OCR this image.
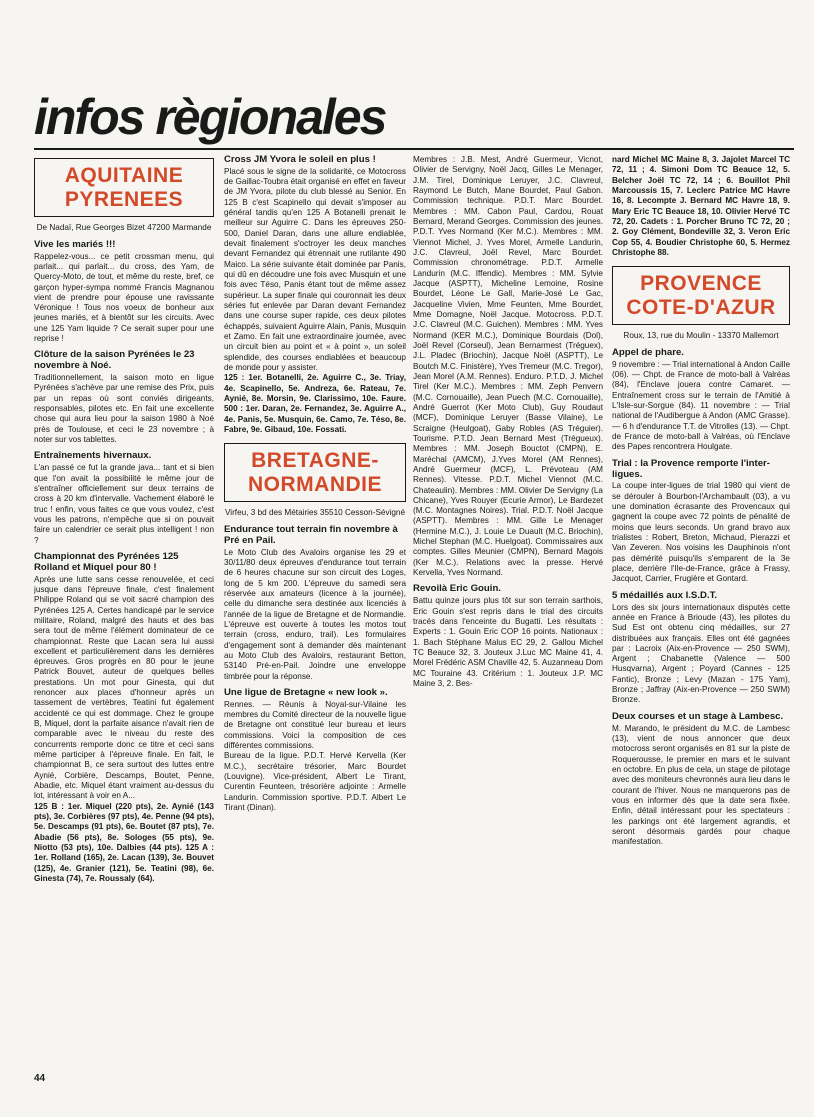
infos règionales
AQUITAINE PYRENEES
De Nadaï, Rue Georges Bizet 47200 Marmande
Vive les mariés !!!

Rappelez-vous... ce petit crossman menu, qui parlait... qui parlait... du cross, des Yam, de Quercy-Moto, de tout, et même du reste, bref, ce garçon hyper-sympa nommé Francis Magnanou vient de prendre pour épouse une ravissante Véronique ! Tous nos voeux de bonheur aux jeunes mariés, et à bientôt sur les circuits. Avec une 125 Yam liquide ? Ce serait super pour une reprise !

Clôture de la saison Pyrénées le 23 novembre à Noé.

Traditionnellement, la saison moto en ligue Pyrénées s'achève par une remise des Prix, puis par un repas où sont conviés dirigeants, responsables, pilotes etc. En fait une excellente chose qui aura lieu pour la saison 1980 à Noé près de Toulouse, et ceci le 23 novembre ; à noter sur vos tablettes.

Entraînements hivernaux.

L'an passé ce fut la grande java... tant et si bien que l'on avait la possibilité le même jour de s'entraîner officiellement sur deux terrains de cross à 20 km d'intervalle. Vachement élaboré le truc ! enfin, vous faites ce que vous voulez, c'est vous les patrons, n'empêche que si on pouvait faire un calendrier ce serait plus intelligent ! non ?

Championnat des Pyrénées 125 Rolland et Miquel pour 80 !

Après une lutte sans cesse renouvelée, et ceci jusque dans l'épreuve finale, c'est finalement Philippe Roland qui se voit sacré champion des Pyrénées 125 A. Certes handicapé par le service militaire, Roland, malgré des hauts et des bas sera tout de même l'élément dominateur de ce championnat. Reste que Lacan sera lui aussi excellent et particulièrement dans les dernières épreuves. Gros progrès en 80 pour le jeune Patrick Bouvet, auteur de quelques belles prestations. Un mot pour Ginesta, qui dut renoncer aux places d'honneur après un tassement de vertèbres, Teatini fut également accidenté ce qui est dommage. Chez le groupe B, Miquel, dont la parfaite aisance n'avait rien de comparable avec le niveau du reste des concurrents remporte donc ce titre et ceci sans même participer à l'épreuve finale. En fait, le championnat B, ce sera surtout des luttes entre Aynié, Corbière, Descamps, Boutet, Penne, Abadie, etc. Miquel étant vraiment au-dessus du lot, intéressant à voir en A...

125 B : 1er. Miquel (220 pts), 2e. Aynié (143 pts), 3e. Corbières (97 pts), 4e. Penne (94 pts), 5e. Descamps (91 pts), 6e. Boutet (87 pts), 7e. Abadie (56 pts), 8e. Sologes (55 pts), 9e. Niotto (53 pts), 10e. Dalbies (44 pts). 125 A : 1er. Rolland (165), 2e. Lacan (139), 3e. Bouvet (125), 4e. Granier (121), 5e. Teatini (98), 6e. Ginesta (74), 7e. Roussaly (64).

Cross JM Yvora le soleil en plus !

Placé sous le signe de la solidarité, ce Motocross de Gaillac-Toubra était organisé en effet en faveur de JM Yvora, pilote du club blessé au Senior. En 125 B c'est Scapinello qui devait s'imposer au général tandis qu'en 125 A Botanelli prenait le meilleur sur Aguirre C. Dans les épreuves 250-500, Daniel Daran, dans une allure endiablée, devait finalement s'octroyer les deux manches devant Fernandez qui étrennait une rutilante 490 Maico. La série suivante était dominée par Panis, qui dû en découdre une fois avec Musquin et une fois avec Téso, Panis étant tout de même assez supérieur. La super finale qui couronnait les deux séries fut enlevée par Daran devant Fernandez dans une course super rapide, ces deux pilotes échappés, suivaient Aguirre Alain, Panis, Musquin et Zamo. En fait une extraordinaire journée, avec un circuit bien au point et « à point », un soleil splendide, des courses endiablées et beaucoup de monde pour y assister.

125 : 1er. Botanelli, 2e. Aguirre C., 3e. Triay, 4e. Scapinello, 5e. Andreza, 6e. Rateau, 7e. Aynié, 8e. Morsin, 9e. Clarissimo, 10e. Faure. 500 : 1er. Daran, 2e. Fernandez, 3e. Aguirre A., 4e. Panis, 5e. Musquin, 6e. Camo, 7e. Téso, 8e. Fabre, 9e. Gibaud, 10e. Fossati.

BRETAGNE-NORMANDIE
Virfeu, 3 bd des Métairies 35510 Cesson-Sévigné
Endurance tout terrain fin novembre à Pré en Pail.

Le Moto Club des Avaloirs organise les 29 et 30/11/80 deux épreuves d'endurance tout terrain de 6 heures chacune sur son circuit des Loges, long de 5 km 200. L'épreuve du samedi sera réservée aux amateurs (licence à la journée), celle du dimanche sera destinée aux licenciés à l'année de la ligue de Bretagne et de Normandie. L'épreuve est ouverte à toutes les motos tout terrain (cross, enduro, trail). Les formulaires d'engagement sont à demander dès maintenant au Moto Club des Avaloirs, restaurant Betton, 53140 Pré-en-Pail. Joindre une enveloppe timbrée pour la réponse.

Une ligue de Bretagne « new look ».

Rennes. — Réunis à Noyal-sur-Vilaine les membres du Comité directeur de la nouvelle ligue de Bretagne ont constitué leur bureau et leurs commissions. Voici la composition de ces différentes commissions.

Bureau de la ligue. P.D.T. Hervé Kervella (Ker M.C.), secrétaire trésorier, Marc Bourdet (Louvigne). Vice-président, Albert Le Tirant, Curentin Feunteen, trésorière adjointe : Armelle Landurin. Commission sportive. P.D.T. Albert Le Tirant (Dinan).

Membres : J.B. Mest, André Guermeur, Vicnot, Olivier de Servigny, Noël Jacq, Gilles Le Menager, J.M. Tirel, Dominique Leruyer, J.C. Clavreul, Raymond Le Butch, Mane Bourdet, Paul Gabon. Commission technique. P.D.T. Marc Bourdet. Membres : MM. Cabon Paul, Cardou, Rouat Bernard, Merand Georges. Commission des jeunes. P.D.T. Yves Normand (Ker M.C.). Membres : MM. Viennot Michel, J. Yves Morel, Armelle Landurin, J.C. Clavreul, Joël Revel, Marc Bourdet. Commission chronométrage. P.D.T. Armelle Landurin (M.C. Iffendic). Membres : MM. Sylvie Jacque (ASPTT), Micheline Lemoine, Rosine Bourdet, Léone Le Gall, Marie-José Le Gac, Jacqueline Vivien, Mme Feunten, Mme Bourdet, Mme Domagne, Noël Jacque. Motocross. P.D.T. J.C. Clavreul (M.C. Guichen). Membres : MM. Yves Normand (KER M.C.), Dominique Bourdais (Dol), Joël Revel (Corseul), Jean Bernarmest (Tréguex), J.L. Pladec (Briochin), Jacque Noël (ASPTT), Le Boutch M.C. Finistère), Yves Tremeur (M.C. Tregor), Jean Morel (A.M. Rennes). Enduro. P.T.D. J. Michel Tirel (Ker M.C.). Membres : MM. Zeph Penvern (M.C. Cornouaille), Jean Puech (M.C. Cornouaille), André Guerrot (Ker Moto Club), Guy Roudaut (MCF), Dominique Leruyer (Basse Vilaine), Le Scraigne (Heulgoat), Gaby Robles (AS Tréguier). Tourisme. P.T.D. Jean Bernard Mest (Trégueux). Membres : MM. Joseph Bouctot (CMPN), E. Maréchal (AMCM), J.Yves Morel (AM Rennes), André Guermeur (MCF), L. Prévoteau (AM Rennes). Vitesse. P.D.T. Michel Viennot (M.C. Chateaulin). Membres : MM. Olivier De Servigny (La Chicane), Yves Rouyer (Ecurie Armor), Le Bardezet (M.C. Montagnes Noires). Trial. P.D.T. Noël Jacque (ASPTT). Membres : MM. Gille Le Menager (Hermine M.C.), J. Louie Le Duault (M.C. Briochin), Michel Stephan (M.C. Huelgoat). Commissaires aux comptes. Gilles Meunier (CMPN), Bernard Magois (Ker M.C.). Relations avec la presse. Hervé Kervella, Yves Normand.

Revoilà Eric Gouin.

Battu quinze jours plus tôt sur son terrain sarthois, Eric Gouin s'est repris dans le trial des circuits tracés dans l'enceinte du Bugatti. Les résultats : Experts : 1. Gouin Eric COP 16 points. Nationaux : 1. Bach Stéphane Malus EC 29, 2. Gallou Michel TC Beauce 32, 3. Jouteux J.Luc MC Maine 41, 4. Morel Frédéric ASM Chaville 42, 5. Auzanneau Dom MC Touraine 43. Critérium : 1. Jouteux J.P. MC Maine 3, 2. Bes-

nard Michel MC Maine 8, 3. Jajolet Marcel TC 72, 11 ; 4. Simoni Dom TC Beauce 12, 5. Belcher Joël TC 72, 14 ; 6. Bouillot Phil Marcoussis 15, 7. Leclerc Patrice MC Havre 16, 8. Lecompte J. Bernard MC Havre 18, 9. Mary Eric TC Beauce 18, 10. Olivier Hervé TC 72, 20. Cadets : 1. Porcher Bruno TC 72, 20 ; 2. Goy Clément, Bondeville 32, 3. Veron Eric Cop 55, 4. Boudier Christophe 60, 5. Hermez Christophe 88.

PROVENCE COTE-D'AZUR
Roux, 13, rue du Moulin - 13370 Mallemort
Appel de phare.

9 novembre : — Trial international à Andon Caille (06). — Chpt. de France de moto-ball à Valréas (84), l'Enclave jouera contre Camaret. — Entraînement cross sur le terrain de l'Amitié à L'Isle-sur-Sorgue (84). 11 novembre : — Trial national de l'Audibergue à Andon (AMC Grasse). — 6 h d'endurance T.T. de Vitrolles (13). — Chpt. de France de moto-ball à Valréas, où l'Enclave des Papes rencontrera Houlgate.

Trial : la Provence remporte l'inter-ligues.

La coupe inter-ligues de trial 1980 qui vient de se dérouler à Bourbon-l'Archambault (03), a vu une domination écrasante des Provencaux qui gagnent la coupe avec 72 points de pénalité de moins que leurs seconds. Un grand bravo aux trialistes : Robert, Breton, Michaud, Pierazzi et Van Zeveren. Nos voisins les Dauphinois n'ont pas démérité puisqu'ils s'emparent de la 3e place, derrière l'Ile-de-France, grâce à Frassy, Jacquot, Carrier, Frugière et Gontard.

5 médaillés aux I.S.D.T.

Lors des six jours internationaux disputés cette année en France à Brioude (43), les pilotes du Sud Est ont obtenu cinq médailles, sur 27 distribuées aux français. Elles ont été gagnées par : Lacroix (Aix-en-Provence — 250 SWM), Argent ; Chabanette (Valence — 500 Husqvarna), Argent ; Poyard (Cannes - 125 Fantic), Bronze ; Levy (Mazan - 175 Yam), Bronze ; Jaffray (Aix-en-Provence — 250 SWM) Bronze.

Deux courses et un stage à Lambesc.

M. Marando, le président du M.C. de Lambesc (13), vient de nous annoncer que deux motocross seront organisés en 81 sur la piste de Roquerousse, le premier en mars et le suivant en octobre. En plus de cela, un stage de pilotage avec des moniteurs chevronnés aura lieu dans le courant de l'hiver. Nous ne manquerons pas de vous en informer dès que la date sera fixée. Enfin, détail intéressant pour les spectateurs : les parkings ont été largement agrandis, et seront désormais gardés pour chaque manifestation.

44
